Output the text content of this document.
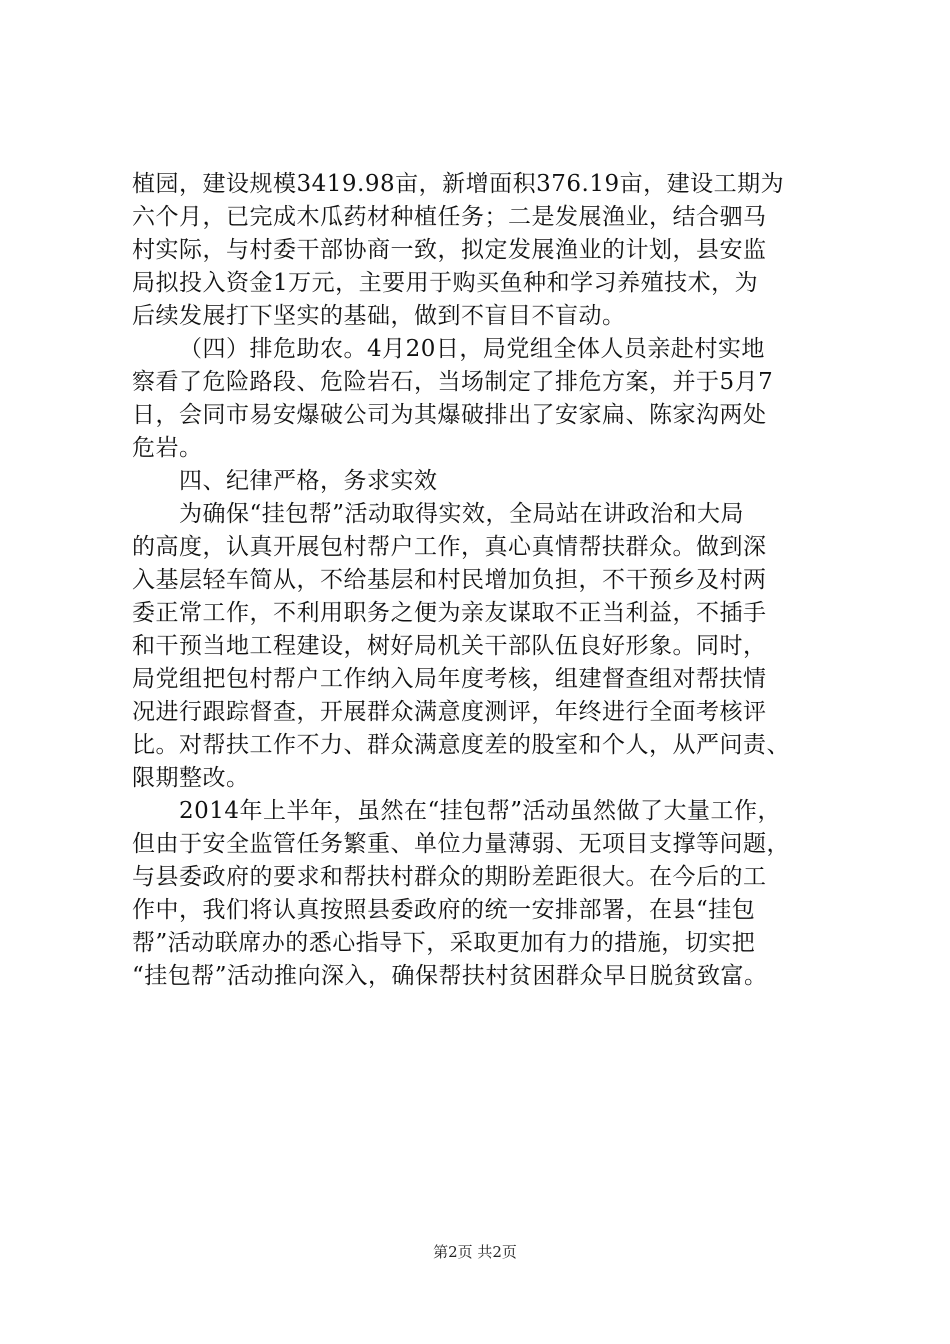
植园，建设规模3419.98亩，新增面积376.19亩，建设工期为
六个月，已完成木瓜药材种植任务；二是发展渔业，结合驷马
村实际，与村委干部协商一致，拟定发展渔业的计划，县安监
局拟投入资金1万元，主要用于购买鱼种和学习养殖技术，为
后续发展打下坚实的基础，做到不盲目不盲动。
（四）排危助农。4月20日，局党组全体人员亲赴村实地
察看了危险路段、危险岩石，当场制定了排危方案，并于5月7
日，会同市易安爆破公司为其爆破排出了安家扁、陈家沟两处
危岩。
四、纪律严格，务求实效
为确保“挂包帮”活动取得实效，全局站在讲政治和大局
的高度，认真开展包村帮户工作，真心真情帮扶群众。做到深
入基层轻车简从，不给基层和村民增加负担，不干预乡及村两
委正常工作，不利用职务之便为亲友谋取不正当利益，不插手
和干预当地工程建设，树好局机关干部队伍良好形象。同时，
局党组把包村帮户工作纳入局年度考核，组建督查组对帮扶情
况进行跟踪督查，开展群众满意度测评，年终进行全面考核评
比。对帮扶工作不力、群众满意度差的股室和个人，从严问责、
限期整改。
2014年上半年，虽然在“挂包帮”活动虽然做了大量工作，
但由于安全监管任务繁重、单位力量薄弱、无项目支撑等问题，
与县委政府的要求和帮扶村群众的期盼差距很大。在今后的工
作中，我们将认真按照县委政府的统一安排部署，在县“挂包
帮”活动联席办的悉心指导下，采取更加有力的措施，切实把
“挂包帮”活动推向深入，确保帮扶村贫困群众早日脱贫致富。
第2页 共2页
